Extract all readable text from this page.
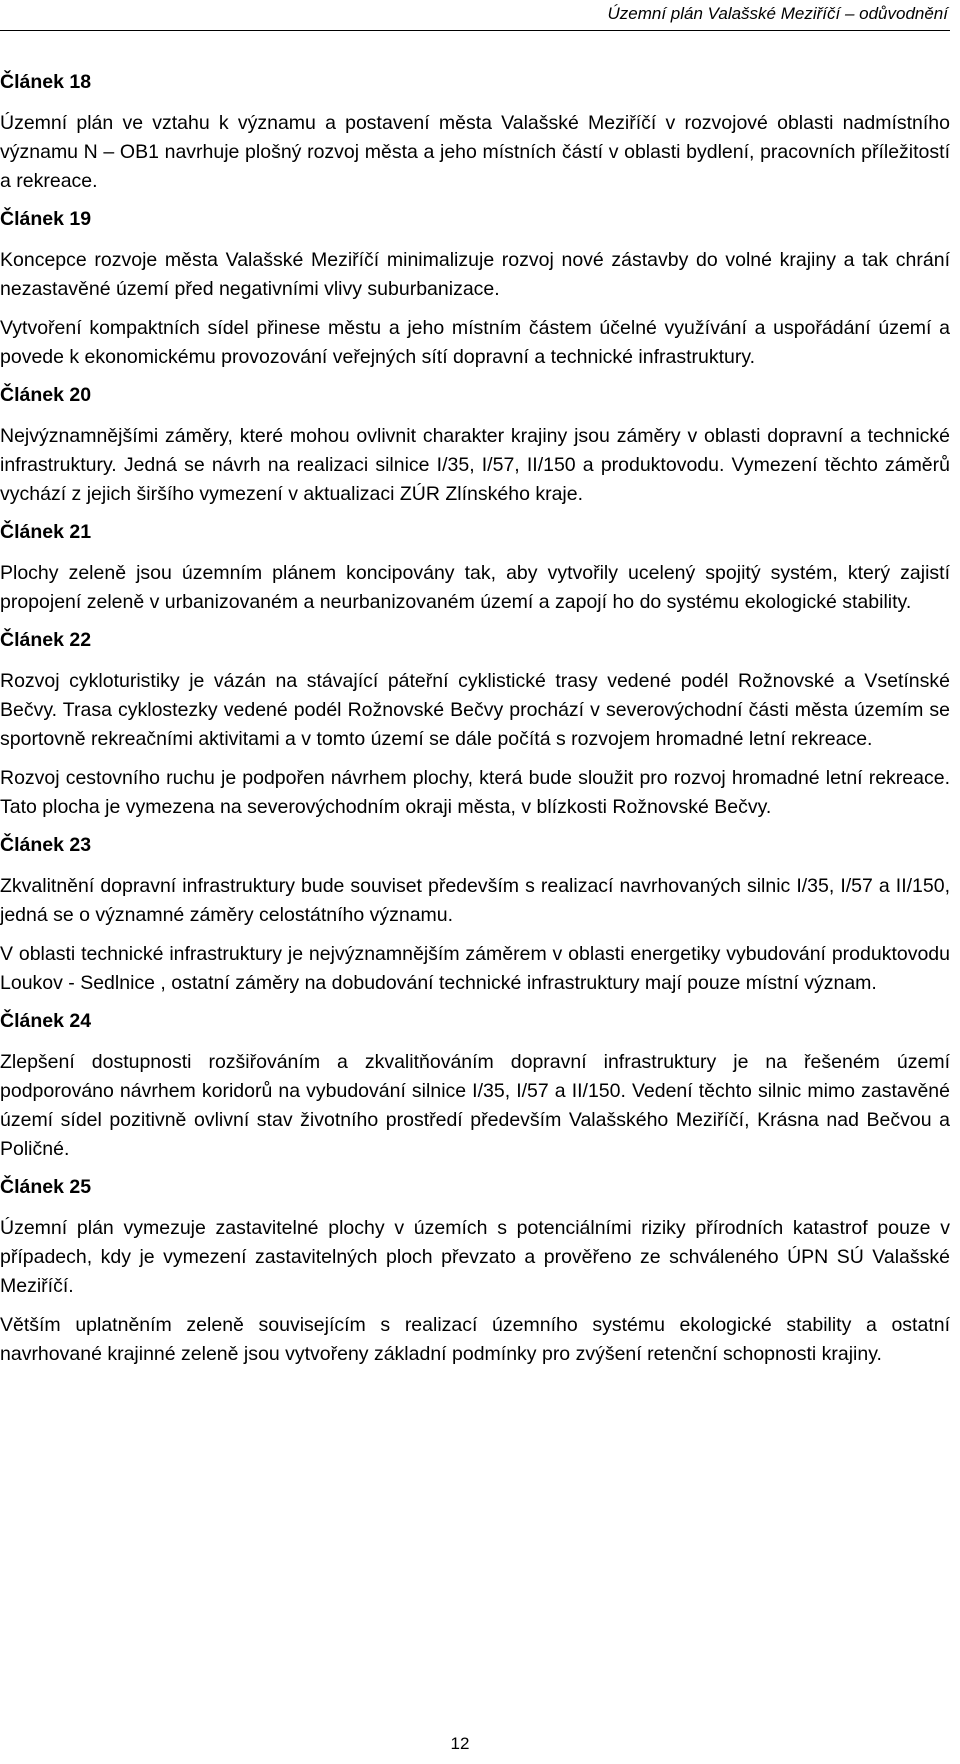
Územní plán Valašské Meziříčí – odůvodnění
Článek 18

Územní plán ve vztahu k významu a postavení města Valašské Meziříčí v rozvojové oblasti nadmístního významu N – OB1 navrhuje plošný rozvoj města a jeho místních částí v oblasti bydlení, pracovních příležitostí a rekreace.

Článek 19

Koncepce rozvoje města Valašské Meziříčí minimalizuje rozvoj nové zástavby do volné krajiny a tak chrání nezastavěné území před negativními vlivy suburbanizace.

Vytvoření kompaktních sídel přinese městu a jeho místním částem účelné využívání a uspořádání území a povede k ekonomickému provozování veřejných sítí dopravní a technické infrastruktury.

Článek 20

Nejvýznamnějšími záměry, které mohou ovlivnit charakter krajiny jsou záměry v oblasti dopravní a technické infrastruktury. Jedná se návrh na realizaci silnice I/35, I/57, II/150 a produktovodu. Vymezení těchto záměrů vychází z jejich širšího vymezení v aktualizaci ZÚR Zlínského kraje.

Článek 21

Plochy zeleně jsou územním plánem koncipovány tak, aby vytvořily ucelený spojitý systém, který zajistí propojení zeleně v urbanizovaném a neurbanizovaném území a zapojí ho do systému ekologické stability.

Článek 22

Rozvoj cykloturistiky je vázán na stávající páteřní cyklistické trasy vedené podél Rožnovské a Vsetínské Bečvy. Trasa cyklostezky vedené podél Rožnovské Bečvy prochází v severovýchodní části města územím se sportovně rekreačními aktivitami a v tomto území se dále počítá s rozvojem hromadné letní rekreace.

Rozvoj cestovního ruchu je podpořen návrhem plochy, která bude sloužit pro rozvoj hromadné letní rekreace. Tato plocha je vymezena na severovýchodním okraji města, v blízkosti Rožnovské Bečvy.

Článek 23

Zkvalitnění dopravní infrastruktury bude souviset především s realizací navrhovaných silnic I/35, I/57 a II/150, jedná se o významné záměry celostátního významu.

V oblasti technické infrastruktury je nejvýznamnějším záměrem v oblasti energetiky vybudování produktovodu Loukov - Sedlnice , ostatní záměry na dobudování technické infrastruktury mají pouze místní význam.

Článek 24

Zlepšení dostupnosti rozšiřováním a zkvalitňováním dopravní infrastruktury je na řešeném území podporováno návrhem koridorů na vybudování silnice I/35, I/57 a II/150. Vedení těchto silnic mimo zastavěné území sídel pozitivně ovlivní stav životního prostředí především Valašského Meziříčí, Krásna nad Bečvou a Poličné.

Článek 25

Územní plán vymezuje zastavitelné plochy v územích s potenciálními riziky přírodních katastrof pouze v případech, kdy je vymezení zastavitelných ploch převzato a prověřeno ze schváleného ÚPN SÚ Valašské Meziříčí.

Větším uplatněním zeleně souvisejícím s realizací územního systému ekologické stability a ostatní navrhované krajinné zeleně jsou vytvořeny základní podmínky pro zvýšení retenční schopnosti krajiny.

12
